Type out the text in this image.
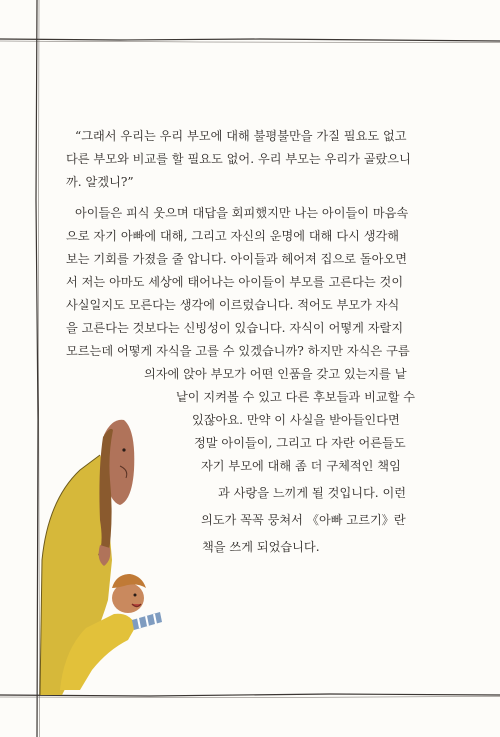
“그래서 우리는 우리 부모에 대해 불평불만을 가질 필요도 없고
다른 부모와 비교를 할 필요도 없어. 우리 부모는 우리가 골랐으니
까. 알겠니?”
아이들은 피식 웃으며 대답을 회피했지만 나는 아이들이 마음속
으로 자기 아빠에 대해, 그리고 자신의 운명에 대해 다시 생각해
보는 기회를 가졌을 줄 압니다. 아이들과 헤어져 집으로 돌아오면
서 저는 아마도 세상에 태어나는 아이들이 부모를 고른다는 것이
사실일지도 모른다는 생각에 이르렀습니다. 적어도 부모가 자식
을 고른다는 것보다는 신빙성이 있습니다. 자식이 어떻게 자랄지
모르는데 어떻게 자식을 고를 수 있겠습니까? 하지만 자식은 구름
의자에 앉아 부모가 어떤 인품을 갖고 있는지를 낱
낱이 지켜볼 수 있고 다른 후보들과 비교할 수
있잖아요. 만약 이 사실을 받아들인다면
정말 아이들이, 그리고 다 자란 어른들도
자기 부모에 대해 좀 더 구체적인 책임
과 사랑을 느끼게 될 것입니다. 이런
의도가 꼭꼭 뭉쳐서 《아빠 고르기》란
책을 쓰게 되었습니다.
